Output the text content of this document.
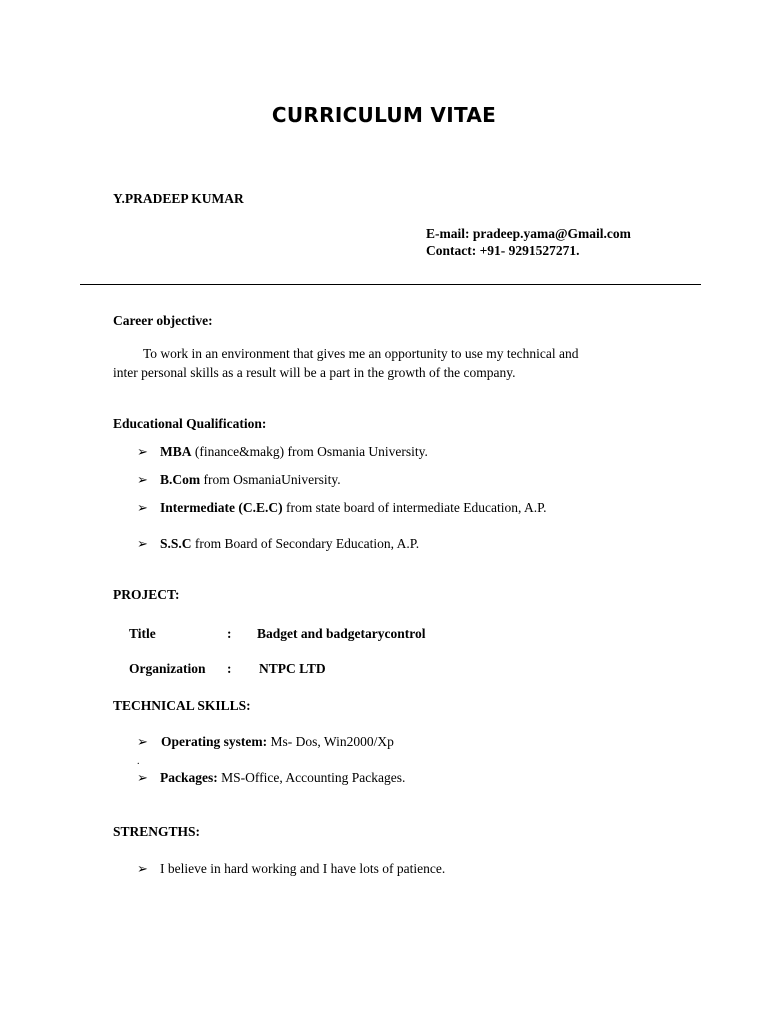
CURRICULUM VITAE
Y.PRADEEP KUMAR
E-mail: pradeep.yama@Gmail.com
Contact: +91- 9291527271.
Career objective:
To work in an environment that gives me an opportunity to use my technical and
inter personal skills as a result will be a part in the growth of the company.
Educational Qualification:
➢ MBA (finance&makg) from Osmania University.
➢ B.Com from OsmaniaUniversity.
➢ Intermediate (C.E.C) from state board of intermediate Education, A.P.
➢ S.S.C from Board of Secondary Education, A.P.
PROJECT:
Title	: Badget and badgetarycontrol
Organization : NTPC LTD
TECHNICAL SKILLS:
➢ Operating system: Ms- Dos, Win2000/Xp
.
➢ Packages: MS-Office, Accounting Packages.
STRENGTHS:
➢ I believe in hard working and I have lots of patience.
